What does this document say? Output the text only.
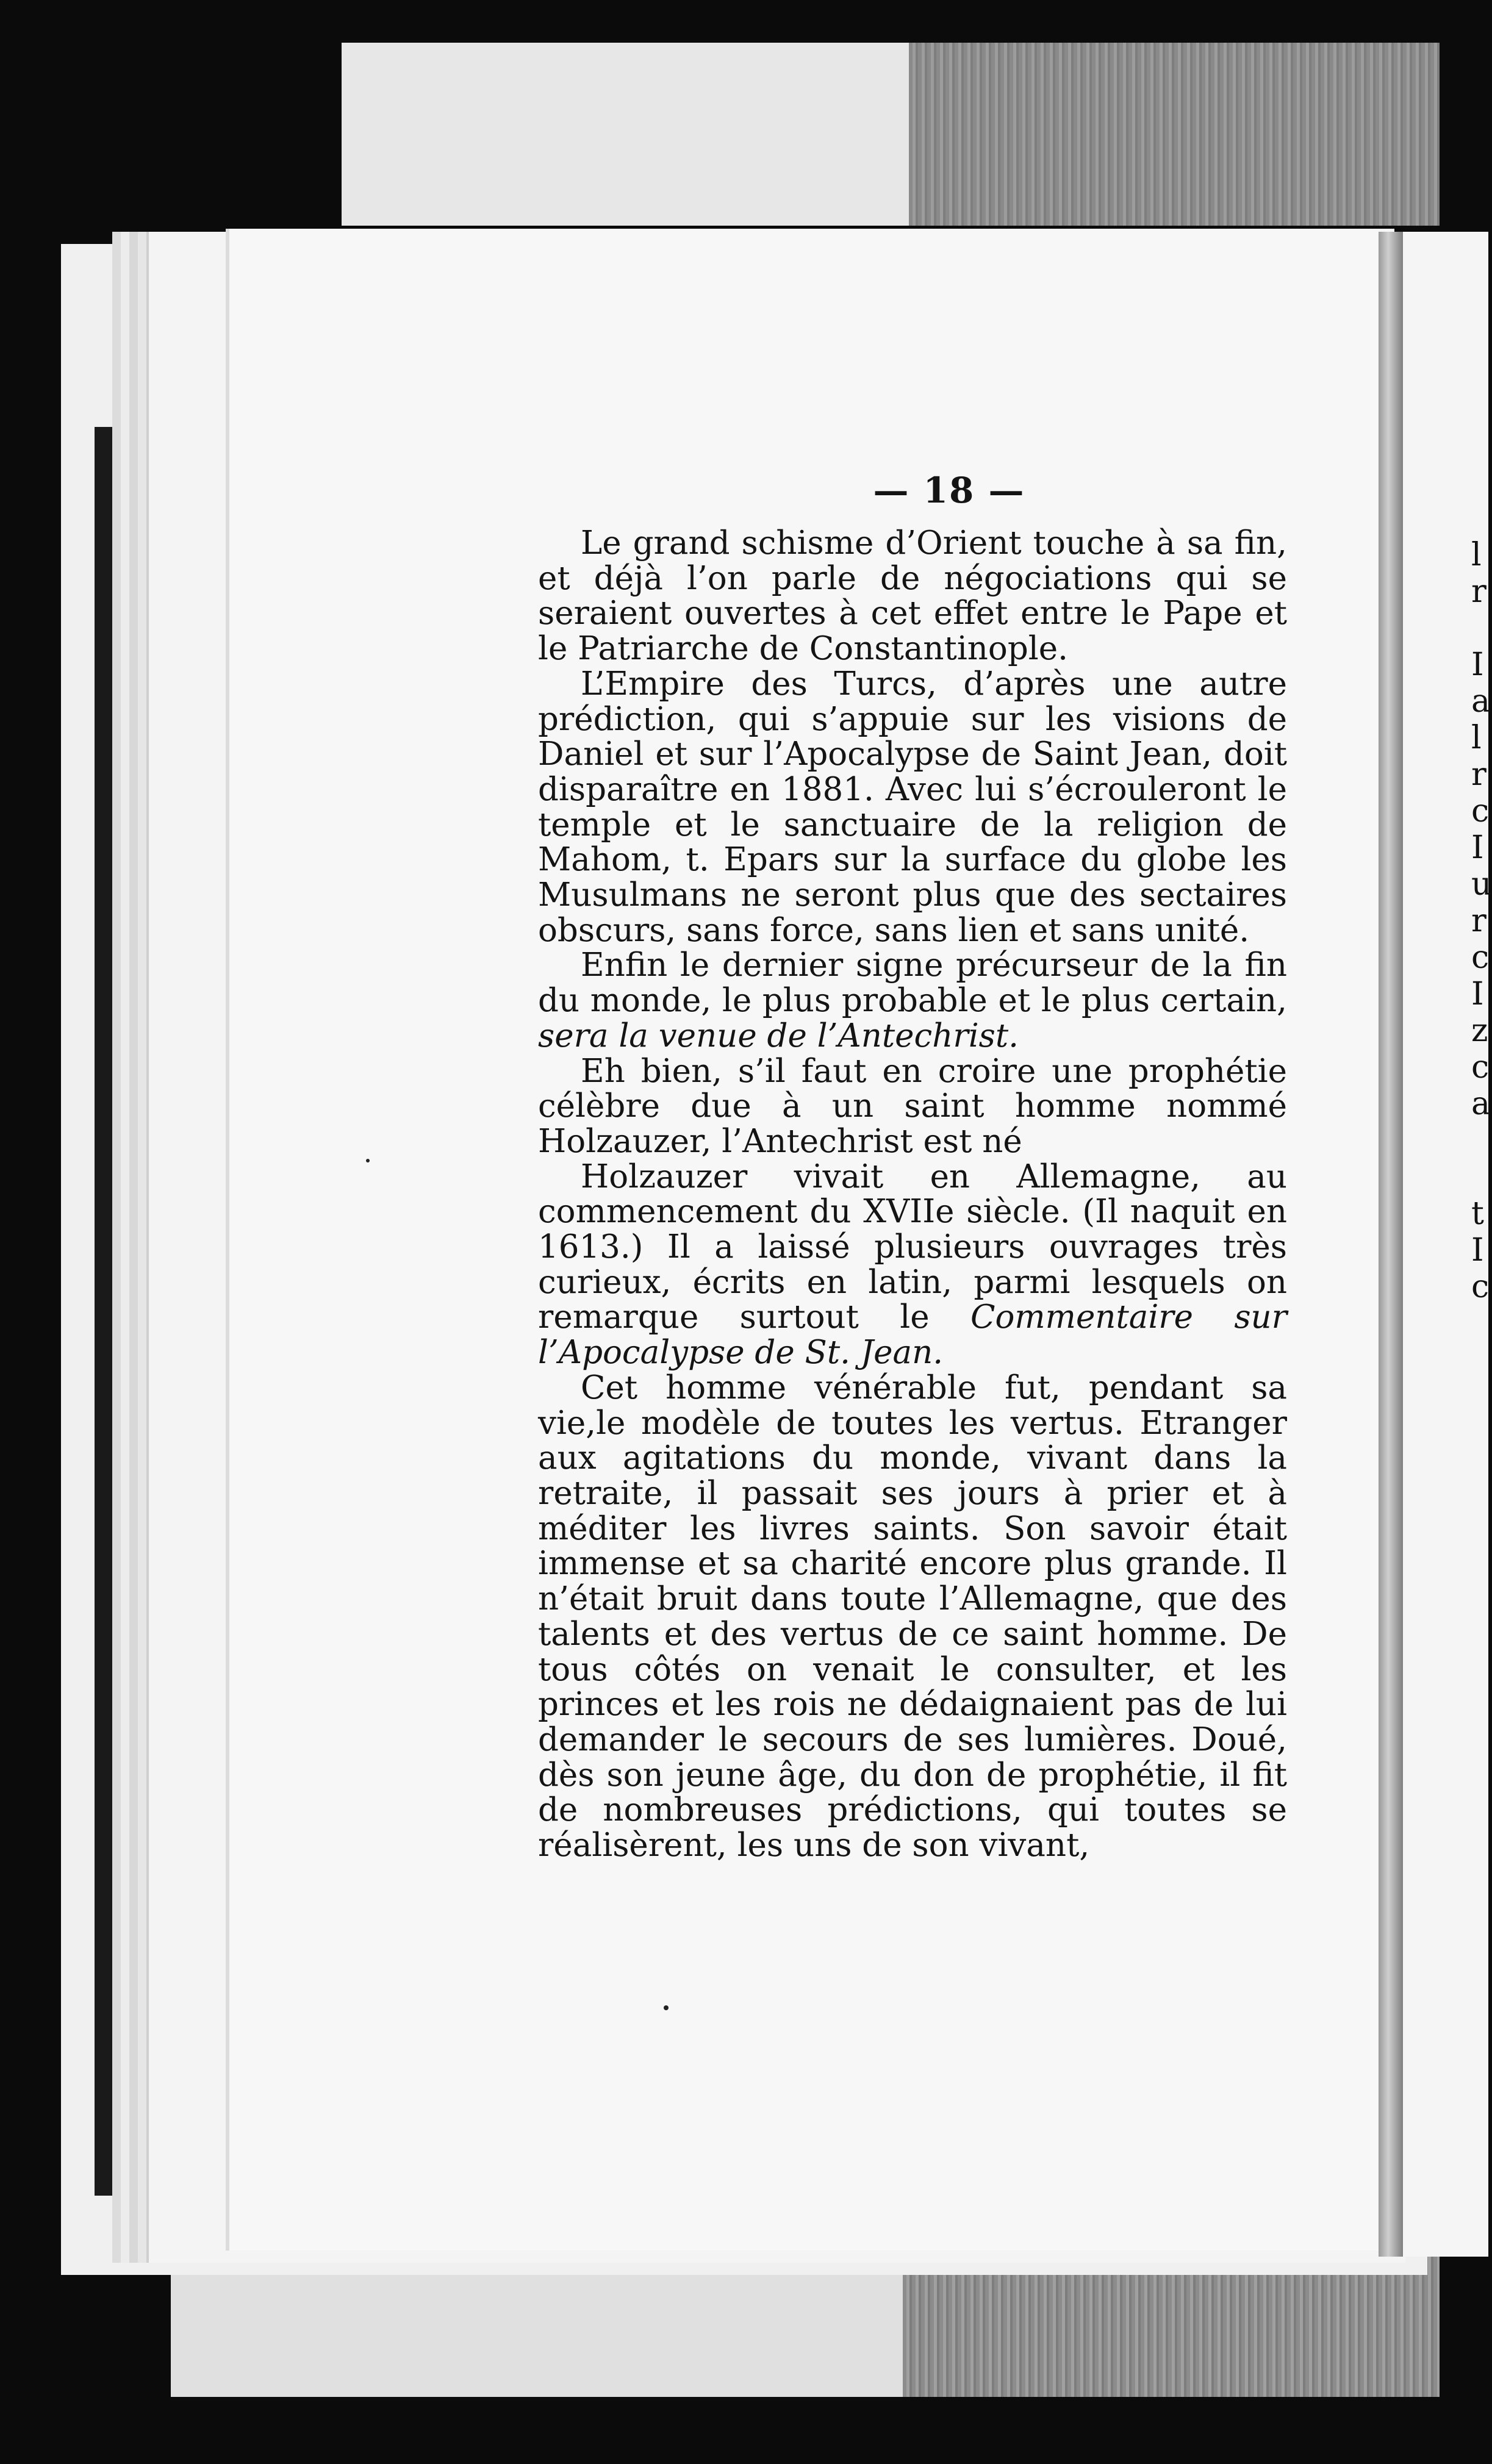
— 18 —

Le grand schisme d’Orient touche à sa fin, et déjà l’on parle de négociations qui se seraient ouvertes à cet effet entre le Pape et le Patriarche de Constantinople.

L’Empire des Turcs, d’après une autre prédiction, qui s’appuie sur les visions de Daniel et sur l’Apocalypse de Saint Jean, doit disparaître en 1881. Avec lui s’écrouleront le temple et le sanctuaire de la religion de Mahom, t. Epars sur la surface du globe les Musulmans ne seront plus que des sectaires obscurs, sans force, sans lien et sans unité.

Enfin le dernier signe précurseur de la fin du monde, le plus probable et le plus certain, sera la venue de l’Antechrist.

Eh bien, s’il faut en croire une prophétie célèbre due à un saint homme nommé Holzauzer, l’Antechrist est né

Holzauzer vivait en Allemagne, au commencement du XVIIe siècle. (Il naquit en 1613.) Il a laissé plusieurs ouvrages très curieux, écrits en latin, parmi lesquels on remarque surtout le Commentaire sur l’Apocalypse de St. Jean.

Cet homme vénérable fut, pendant sa vie,le modèle de toutes les vertus. Etranger aux agitations du monde, vivant dans la retraite, il passait ses jours à prier et à méditer les livres saints. Son savoir était immense et sa charité encore plus grande. Il n’était bruit dans toute l’Allemagne, que des talents et des vertus de ce saint homme. De tous côtés on venait le consulter, et les princes et les rois ne dédaignaient pas de lui demander le secours de ses lumières. Doué, dès son jeune âge, du don de prophétie, il fit de nombreuses prédictions, qui toutes se réalisèrent, les uns de son vivant,

l
r
I
a
l
r
c
I
u
r
c
I
z
c
a
t
I
c
